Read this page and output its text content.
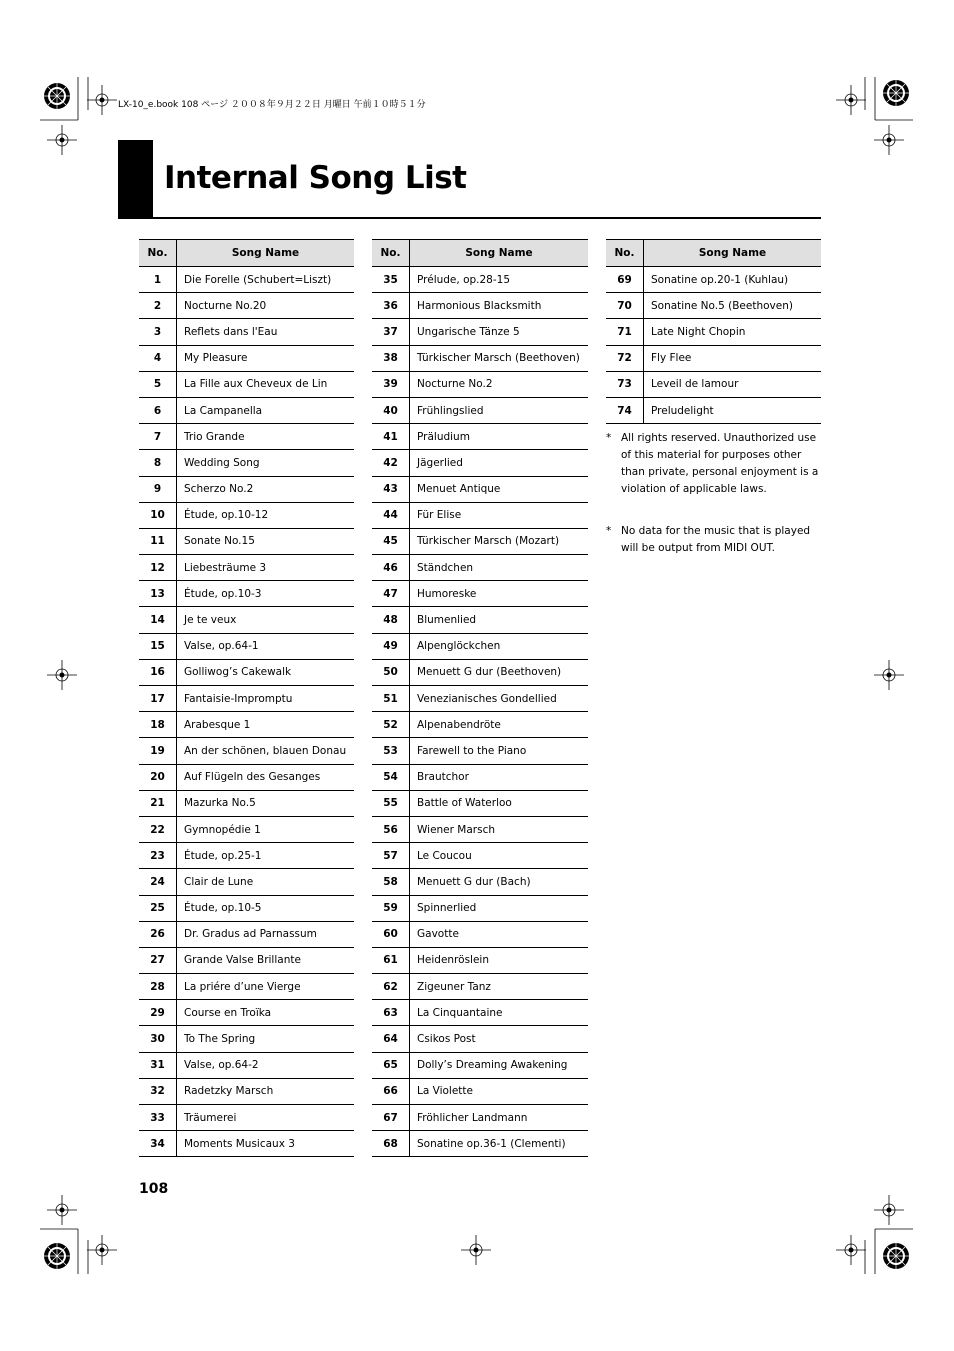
LX-10_e.book 108 ページ ２００８年９月２２日 月曜日 午前１０時５１分
Internal Song List
No.	Song Name
1	Die Forelle (Schubert=Liszt)
2	Nocturne No.20
3	Reflets dans l'Eau
4	My Pleasure
5	La Fille aux Cheveux de Lin
6	La Campanella
7	Trio Grande
8	Wedding Song
9	Scherzo No.2
10	Étude, op.10-12
11	Sonate No.15
12	Liebesträume 3
13	Étude, op.10-3
14	Je te veux
15	Valse, op.64-1
16	Golliwog’s Cakewalk
17	Fantaisie-Impromptu
18	Arabesque 1
19	An der schönen, blauen Donau
20	Auf Flügeln des Gesanges
21	Mazurka No.5
22	Gymnopédie 1
23	Étude, op.25-1
24	Clair de Lune
25	Étude, op.10-5
26	Dr. Gradus ad Parnassum
27	Grande Valse Brillante
28	La priére d’une Vierge
29	Course en Troïka
30	To The Spring
31	Valse, op.64-2
32	Radetzky Marsch
33	Träumerei
34	Moments Musicaux 3
No.	Song Name
35	Prélude, op.28-15
36	Harmonious Blacksmith
37	Ungarische Tänze 5
38	Türkischer Marsch (Beethoven)
39	Nocturne No.2
40	Frühlingslied
41	Präludium
42	Jägerlied
43	Menuet Antique
44	Für Elise
45	Türkischer Marsch (Mozart)
46	Ständchen
47	Humoreske
48	Blumenlied
49	Alpenglöckchen
50	Menuett G dur (Beethoven)
51	Venezianisches Gondellied
52	Alpenabendröte
53	Farewell to the Piano
54	Brautchor
55	Battle of Waterloo
56	Wiener Marsch
57	Le Coucou
58	Menuett G dur (Bach)
59	Spinnerlied
60	Gavotte
61	Heidenröslein
62	Zigeuner Tanz
63	La Cinquantaine
64	Csikos Post
65	Dolly’s Dreaming Awakening
66	La Violette
67	Fröhlicher Landmann
68	Sonatine op.36-1 (Clementi)
No.	Song Name
69	Sonatine op.20-1 (Kuhlau)
70	Sonatine No.5 (Beethoven)
71	Late Night Chopin
72	Fly Flee
73	Leveil de lamour
74	Preludelight
* All rights reserved. Unauthorized use of this material for purposes other than private, personal enjoyment is a violation of applicable laws.
* No data for the music that is played will be output from MIDI OUT.
108
